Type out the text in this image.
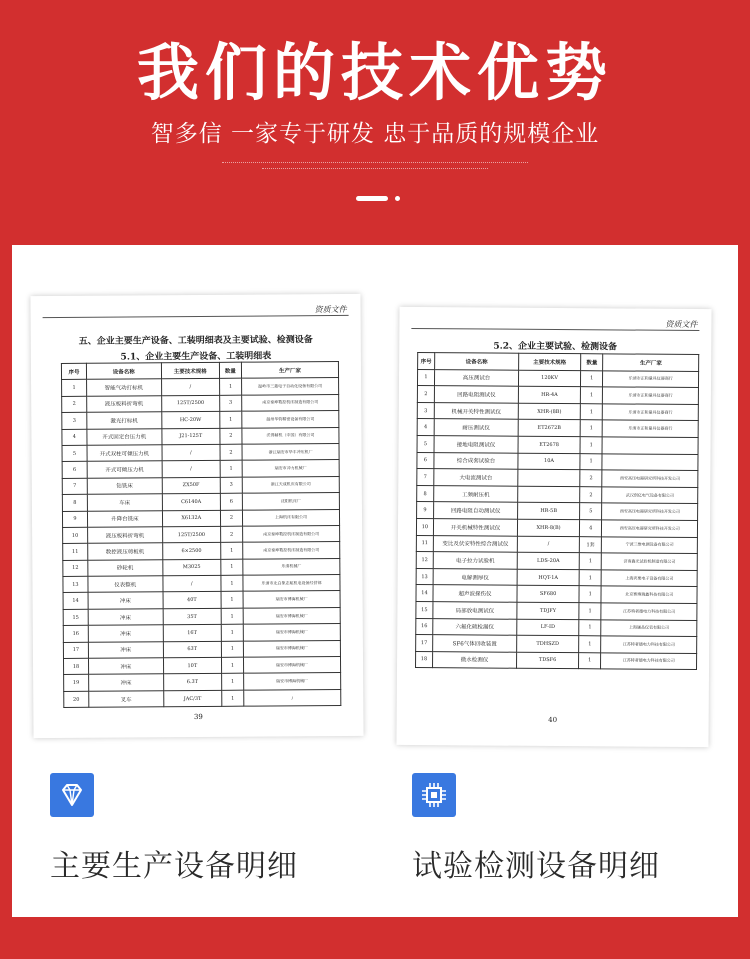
我们的技术优势
智多信 一家专于研发 忠于品质的规模企业
资质文件
五、企业主要生产设备、工装明细表及主要试验、检测设备
5.1、企业主要生产设备、工装明细表
序号	设备名称	主要技术规格	数量	生产厂家
1	智能气动打标机	/	1	温岭市三菱电子自动化设备有限公司
2	液压板料折弯机	125T/2500	3	南京泰坤数控机床制造有限公司
3	激光打标机	HC-20W	1	温州华钧精密设备有限公司
4	开式固定台压力机	J21-125T	2	沃得精机（中国）有限公司
5	开式双柱可倾压力机	/	2	浙江瑞安市华丰冲压机厂
6	开式可倾压力机	/	1	瑞安市冲力机械厂
7	钻铣床	ZX50F	3	浙江天成机床有限公司
8	车床	C6140A	6	沈阳机床厂
9	升降台铣床	X6132A	2	上海机床有限公司
10	液压板料折弯机	125T/2500	2	南京泰坤数控机床制造有限公司
11	数控液压剪板机	6×2500	1	南京泰坤数控机床制造有限公司
12	砂轮机	M3025	1	乐清机械厂
13	仪表整机	/	1	乐清市北白象志航机电设备经营部
14	冲床	40T	1	瑞安市博海机械厂
15	冲床	35T	1	瑞安市博海机械厂
16	冲床	16T	1	瑞安市博海机械厂
17	冲床	63T	1	瑞安市博海机械厂
18	冲床	10T	1	瑞安市博海机械厂
19	冲床	6.3T	1	瑞安市博海机械厂
20	叉车	JAC/3T	1	/
39
资质文件
5.2、企业主要试验、检测设备
序号	设备名称	主要技术规格	数量	生产厂家
1	高压测试台	120KV	1	乐清市正和量具仪器商行
2	回路电阻测试仪	HR-4A	1	乐清市正和量具仪器商行
3	机械开关特性测试仪	XHR-(8B)	1	乐清市正和量具仪器商行
4	耐压测试仪	ET2672B	1	乐清市正和量具仪器商行
5	接地电阻测试仪	ET2678	1	
6	综合成套试验台	10A	1	
7	大电流测试台		2	西安高压电器研究所科技开发公司
8	工频耐压机		2	武汉创亿电气设备有限公司
9	回路电阻自动测试仪	HR-5B	5	西安高压电器研究所科技开发公司
10	开关机械特性测试仪	XHR-8(B)	4	西安高压电器研究所科技开发公司
11	变比及伏安特性综合测试仪	/	1套	宁波三维电测设备有限公司
12	电子拉力试验机	LDS-20A	1	济南鑫光试验机制造有限公司
13	电解测厚仪	HQT-1A	1	上海宾栗电子设备有限公司
14	超声波探伤仪	SF680	1	北京赛博瑞鑫科技有限公司
15	局部放电测试仪	TDJFY	1	江苏特者德电力科技有限公司
16	六氟化硫检漏仪	LF-ID	1	上海谦品仪表有限公司
17	SF6气体回收装置	TDHSZD	1	江苏特者德电力科技有限公司
18	微水检测仪	TDSF6	1	江苏特者德电力科技有限公司
40
主要生产设备明细	试验检测设备明细
